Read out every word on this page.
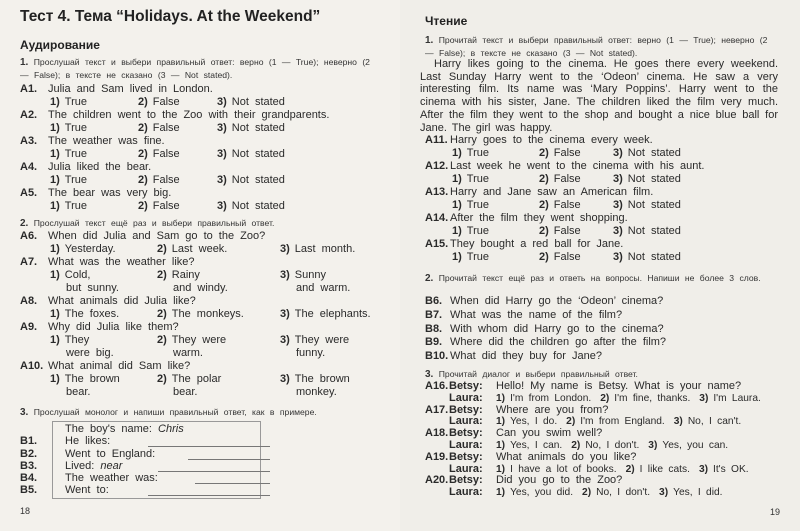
Тест 4. Тема “Holidays. At the Weekend”
Аудирование
1. Прослушай текст и выбери правильный ответ: верно (1 — True); неверно (2 — False); в тексте не сказано (3 — Not stated).
A1. Julia and Sam lived in London.
1) True	2) False	3) Not stated
A2. The children went to the Zoo with their grandparents.
1) True	2) False	3) Not stated
A3. The weather was fine.
1) True	2) False	3) Not stated
A4. Julia liked the bear.
1) True	2) False	3) Not stated
A5. The bear was very big.
1) True	2) False	3) Not stated
2. Прослушай текст ещё раз и выбери правильный ответ.
A6. When did Julia and Sam go to the Zoo?
1) Yesterday.	2) Last week.	3) Last month.
A7. What was the weather like?
1) Cold,	2) Rainy	3) Sunny
but sunny.	and windy.	and warm.
A8. What animals did Julia like?
1) The foxes.	2) The monkeys.	3) The elephants.
A9. Why did Julia like them?
1) They	2) They were	3) They were
were big.	warm.	funny.
A10. What animal did Sam like?
1) The brown	2) The polar	3) The brown
bear.	bear.	monkey.
3. Прослушай монолог и напиши правильный ответ, как в примере.
The boy's name: Chris
B1.	He likes:
B2.	Went to England:
B3.	Lived: near
B4.	The weather was:
B5.	Went to:
18
Чтение
1. Прочитай текст и выбери правильный ответ: верно (1 — True); неверно (2 — False); в тексте не сказано (3 — Not stated).
Harry likes going to the cinema. He goes there every weekend. Last Sunday Harry went to the ‘Odeon’ cinema. He saw a very interesting film. Its name was ‘Mary Poppins’. Harry went to the cinema with his sister, Jane. The children liked the film very much. After the film they went to the shop and bought a nice blue ball for Jane. The girl was happy.
A11. Harry goes to the cinema every week.
1) True	2) False	3) Not stated
A12. Last week he went to the cinema with his aunt.
1) True	2) False	3) Not stated
A13. Harry and Jane saw an American film.
1) True	2) False	3) Not stated
A14. After the film they went shopping.
1) True	2) False	3) Not stated
A15. They bought a red ball for Jane.
1) True	2) False	3) Not stated
2. Прочитай текст ещё раз и ответь на вопросы. Напиши не более 3 слов.
B6. When did Harry go the ‘Odeon’ cinema?
B7. What was the name of the film?
B8. With whom did Harry go to the cinema?
B9. Where did the children go after the film?
B10. What did they buy for Jane?
3. Прочитай диалог и выбери правильный ответ.
A16. Betsy: Hello! My name is Betsy. What is your name?
Laura: 1) I'm from London. 2) I'm fine, thanks. 3) I'm Laura.
A17. Betsy: Where are you from?
Laura: 1) Yes, I do. 2) I'm from England. 3) No, I can't.
A18. Betsy: Can you swim well?
Laura: 1) Yes, I can. 2) No, I don't. 3) Yes, you can.
A19. Betsy: What animals do you like?
Laura: 1) I have a lot of books. 2) I like cats. 3) It's OK.
A20. Betsy: Did you go to the Zoo?
Laura: 1) Yes, you did. 2) No, I don't. 3) Yes, I did.
19
